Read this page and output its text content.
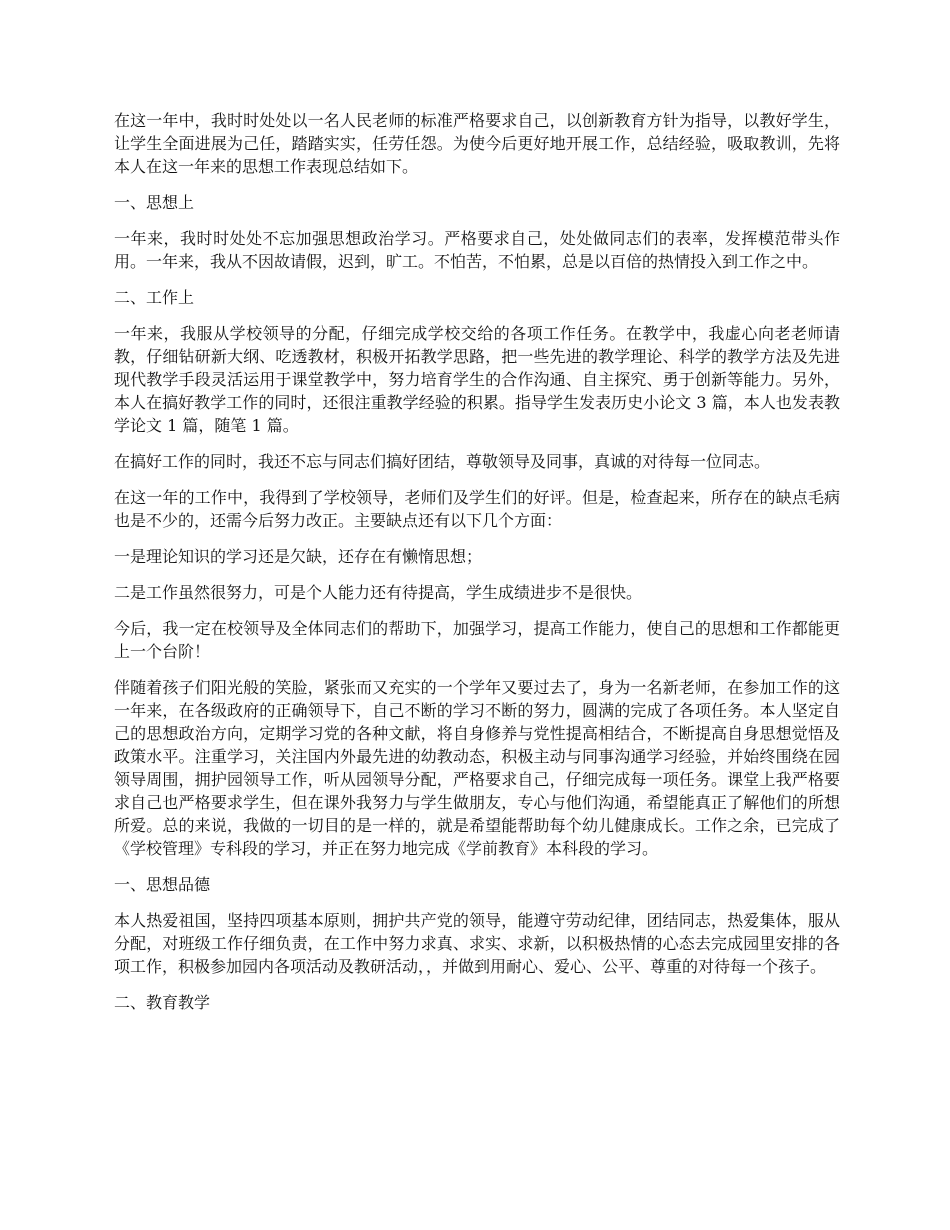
在这一年中，我时时处处以一名人民老师的标准严格要求自己，以创新教育方针为指导，以教好学生，让学生全面进展为己任，踏踏实实，任劳任怨。为使今后更好地开展工作，总结经验，吸取教训，先将本人在这一年来的思想工作表现总结如下。

一、思想上

一年来，我时时处处不忘加强思想政治学习。严格要求自己，处处做同志们的表率，发挥模范带头作用。一年来，我从不因故请假，迟到，旷工。不怕苦，不怕累，总是以百倍的热情投入到工作之中。

二、工作上

一年来，我服从学校领导的分配，仔细完成学校交给的各项工作任务。在教学中，我虚心向老老师请教，仔细钻研新大纲、吃透教材，积极开拓教学思路，把一些先进的教学理论、科学的教学方法及先进现代教学手段灵活运用于课堂教学中，努力培育学生的合作沟通、自主探究、勇于创新等能力。另外，本人在搞好教学工作的同时，还很注重教学经验的积累。指导学生发表历史小论文 3 篇，本人也发表教学论文 1 篇，随笔 1 篇。

在搞好工作的同时，我还不忘与同志们搞好团结，尊敬领导及同事，真诚的对待每一位同志。

在这一年的工作中，我得到了学校领导，老师们及学生们的好评。但是，检查起来，所存在的缺点毛病也是不少的，还需今后努力改正。主要缺点还有以下几个方面：

一是理论知识的学习还是欠缺，还存在有懒惰思想；

二是工作虽然很努力，可是个人能力还有待提高，学生成绩进步不是很快。

今后，我一定在校领导及全体同志们的帮助下，加强学习，提高工作能力，使自己的思想和工作都能更上一个台阶！

伴随着孩子们阳光般的笑脸，紧张而又充实的一个学年又要过去了，身为一名新老师，在参加工作的这一年来，在各级政府的正确领导下，自己不断的学习不断的努力，圆满的完成了各项任务。本人坚定自己的思想政治方向，定期学习党的各种文献，将自身修养与党性提高相结合，不断提高自身思想觉悟及政策水平。注重学习，关注国内外最先进的幼教动态，积极主动与同事沟通学习经验，并始终围绕在园领导周围，拥护园领导工作，听从园领导分配，严格要求自己，仔细完成每一项任务。课堂上我严格要求自己也严格要求学生，但在课外我努力与学生做朋友，专心与他们沟通，希望能真正了解他们的所想所爱。总的来说，我做的一切目的是一样的，就是希望能帮助每个幼儿健康成长。工作之余，已完成了《学校管理》专科段的学习，并正在努力地完成《学前教育》本科段的学习。

一、思想品德

本人热爱祖国，坚持四项基本原则，拥护共产党的领导，能遵守劳动纪律，团结同志，热爱集体，服从分配，对班级工作仔细负责，在工作中努力求真、求实、求新，以积极热情的心态去完成园里安排的各项工作，积极参加园内各项活动及教研活动，，并做到用耐心、爱心、公平、尊重的对待每一个孩子。

二、教育教学
